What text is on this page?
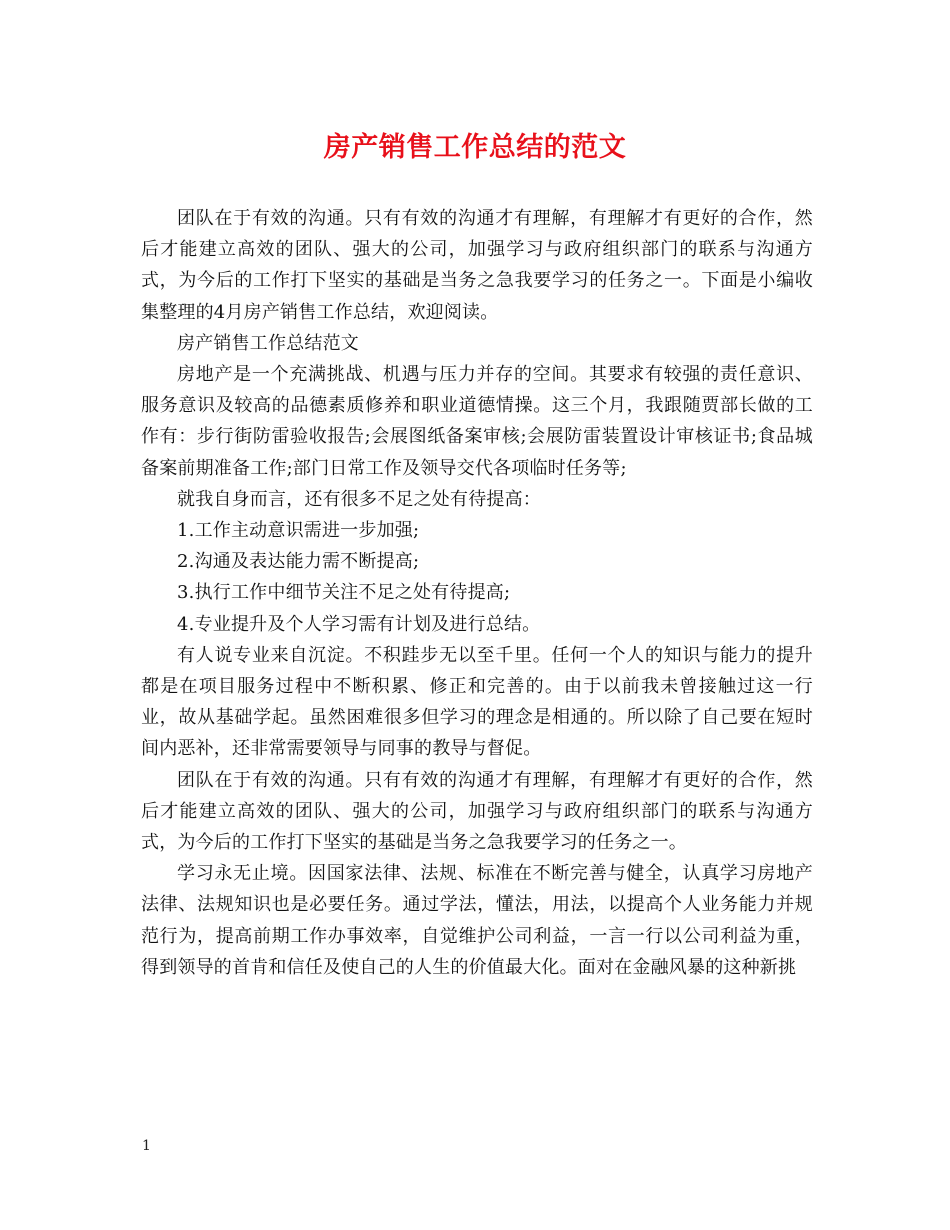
房产销售工作总结的范文

团队在于有效的沟通。只有有效的沟通才有理解，有理解才有更好的合作，然后才能建立高效的团队、强大的公司，加强学习与政府组织部门的联系与沟通方式，为今后的工作打下坚实的基础是当务之急我要学习的任务之一。下面是小编收集整理的4月房产销售工作总结，欢迎阅读。

房产销售工作总结范文

房地产是一个充满挑战、机遇与压力并存的空间。其要求有较强的责任意识、服务意识及较高的品德素质修养和职业道德情操。这三个月，我跟随贾部长做的工作有：步行街防雷验收报告;会展图纸备案审核;会展防雷装置设计审核证书;食品城备案前期准备工作;部门日常工作及领导交代各项临时任务等;

就我自身而言，还有很多不足之处有待提高：

1.工作主动意识需进一步加强;

2.沟通及表达能力需不断提高;

3.执行工作中细节关注不足之处有待提高;

4.专业提升及个人学习需有计划及进行总结。

有人说专业来自沉淀。不积跬步无以至千里。任何一个人的知识与能力的提升都是在项目服务过程中不断积累、修正和完善的。由于以前我未曾接触过这一行业，故从基础学起。虽然困难很多但学习的理念是相通的。所以除了自己要在短时间内恶补，还非常需要领导与同事的教导与督促。

团队在于有效的沟通。只有有效的沟通才有理解，有理解才有更好的合作，然后才能建立高效的团队、强大的公司，加强学习与政府组织部门的联系与沟通方式，为今后的工作打下坚实的基础是当务之急我要学习的任务之一。

学习永无止境。因国家法律、法规、标准在不断完善与健全，认真学习房地产法律、法规知识也是必要任务。通过学法，懂法，用法，以提高个人业务能力并规范行为，提高前期工作办事效率，自觉维护公司利益，一言一行以公司利益为重，得到领导的首肯和信任及使自己的人生的价值最大化。面对在金融风暴的这种新挑

1
